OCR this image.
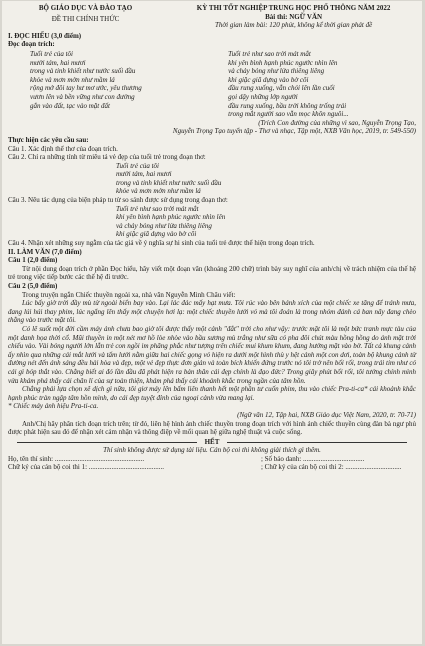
BỘ GIÁO DỤC VÀ ĐÀO TẠO
ĐỀ THI CHÍNH THỨC
KỲ THI TỐT NGHIỆP TRUNG HỌC PHỔ THÔNG NĂM 2022
Bài thi: NGỮ VĂN
Thời gian làm bài: 120 phút, không kể thời gian phát đề
I. ĐỌC HIỂU (3,0 điểm)
Đọc đoạn trích:
Tuổi trẻ của tôi
mười tám, hai mươi
trong và tinh khiết như nước suối đầu
khỏe và mơn mởn như mầm lá
rộng mở đôi tay hư mơ ước, yêu thương
vươn lên và bền vững như con đường
gắn vào đất, tạc vào mặt đất
Tuổi trẻ như sao trời mát mắt
khi yên bình hạnh phúc ngước nhìn lên
và chảy bỏng như lửa thiêng liêng
khi giặc giã dựng vào bờ cõi
đầu rung xuống, vẫn chói lên lần cuối
gọi dậy những lớp người
đầu rung xuống, bầu trời không trống trải
trong mắt người sao vẫn mọc khôn nguôi...
(Trích Con đường của những vì sao, Nguyễn Trọng Tạo,
Nguyễn Trọng Tạo tuyển tập - Thơ và nhạc, Tập một, NXB Văn học, 2019, tr. 549-550)
Thực hiện các yêu cầu sau:
Câu 1. Xác định thể thơ của đoạn trích.
Câu 2. Chỉ ra những tính từ miêu tả vẻ đẹp của tuổi trẻ trong đoạn thơ:
Tuổi trẻ của tôi
mười tám, hai mươi
trong và tinh khiết như nước suối đầu
khỏe và mơn mởn như mầm lá
Câu 3. Nêu tác dụng của biện pháp tu từ so sánh được sử dụng trong đoạn thơ:
Tuổi trẻ như sao trời mát mắt
khi yên bình hạnh phúc ngước nhìn lên
và chảy bỏng như lửa thiêng liêng
khi giặc giã dựng vào bờ cõi
Câu 4. Nhận xét những suy ngẫm của tác giả về ý nghĩa sự hi sinh của tuổi trẻ được thể hiện trong đoạn trích.
II. LÀM VĂN (7,0 điểm)
Câu 1 (2,0 điểm)
Từ nội dung đoạn trích ở phần Đọc hiểu, hãy viết một đoạn văn (khoảng 200 chữ) trình bày suy nghĩ của anh/chị về trách nhiệm của thế hệ trẻ trong việc tiếp bước các thế hệ đi trước.
Câu 2 (5,0 điểm)
Trong truyện ngắn Chiếc thuyền ngoài xa, nhà văn Nguyễn Minh Châu viết:
Lúc bấy giờ trời đầy mù từ ngoài biển bay vào. Lại lác đác mấy hạt mưa. Tôi rúc vào bên bánh xích của một chiếc xe tăng để tránh mưa, đang lúi húi thay phim, lúc ngẩng lên thấy một chuyện hơi lạ: một chiếc thuyền lưới vó mà tôi đoán là trong nhóm đánh cá ban nãy đang chèo thẳng vào trước mặt tôi.
Có lẽ suốt một đời cầm máy ảnh chưa bao giờ tôi được thấy một cảnh "đắt" trời cho như vậy: trước mặt tôi là một bức tranh mực tàu của một danh họa thời cổ. Mũi thuyền in một nét mơ hồ lòe nhòe vào bầu sương mù trắng như sữa có pha đôi chút màu hồng hồng do ánh mặt trời chiếu vào. Vài bóng người lớn lẫn trẻ con ngồi im phăng phắc như tượng trên chiếc mui khum khum, đang hướng mặt vào bờ. Tất cả khung cảnh ấy nhìn qua những cái mắt lưới và tấm lưới nằm giữa hai chiếc gọng vó hiện ra dưới một hình thù y hệt cánh một con dơi, toàn bộ khung cảnh từ đường nét đến ánh sáng đều hài hòa và đẹp, một vẻ đẹp thực đơn giản và toàn bích khiến đứng trước nó tôi trở nên bối rối, trong trái tim như có cái gì bóp thắt vào. Chẳng biết ai đó lần đầu đã phát hiện ra bản thân cái đẹp chính là đạo đức? Trong giây phút bối rối, tôi tưởng chính mình vừa khám phá thấy cái chân lí của sự toàn thiện, khám phá thấy cái khoảnh khắc trong ngần của tâm hồn.
Chẳng phải lựa chọn xê dịch gì nữa, tôi giơ máy lên bấm liên thanh hết một phần tư cuốn phim, thu vào chiếc Pra-ti-ca* cái khoảnh khắc hạnh phúc tràn ngập tâm hồn mình, do cái đẹp tuyệt đỉnh của ngoại cảnh vừa mang lại.
* Chiếc máy ảnh hiệu Pra-ti-ca.
(Ngữ văn 12, Tập hai, NXB Giáo dục Việt Nam, 2020, tr. 70-71)
Anh/Chị hãy phân tích đoạn trích trên; từ đó, liên hệ hình ảnh chiếc thuyền trong đoạn trích với hình ảnh chiếc thuyền cùng đàn bà ngư phủ được phát hiện sau đó để nhận xét cảm nhận và thông điệp về mối quan hệ giữa nghệ thuật và cuộc sống.
HẾT
Thí sinh không được sử dụng tài liệu. Cán bộ coi thi không giải thích gì thêm.
Họ, tên thí sinh: ...................................................	; Số báo danh: ...................................
Chữ ký của cán bộ coi thi 1: ...........................................	; Chữ ký của cán bộ coi thi 2: ................................
